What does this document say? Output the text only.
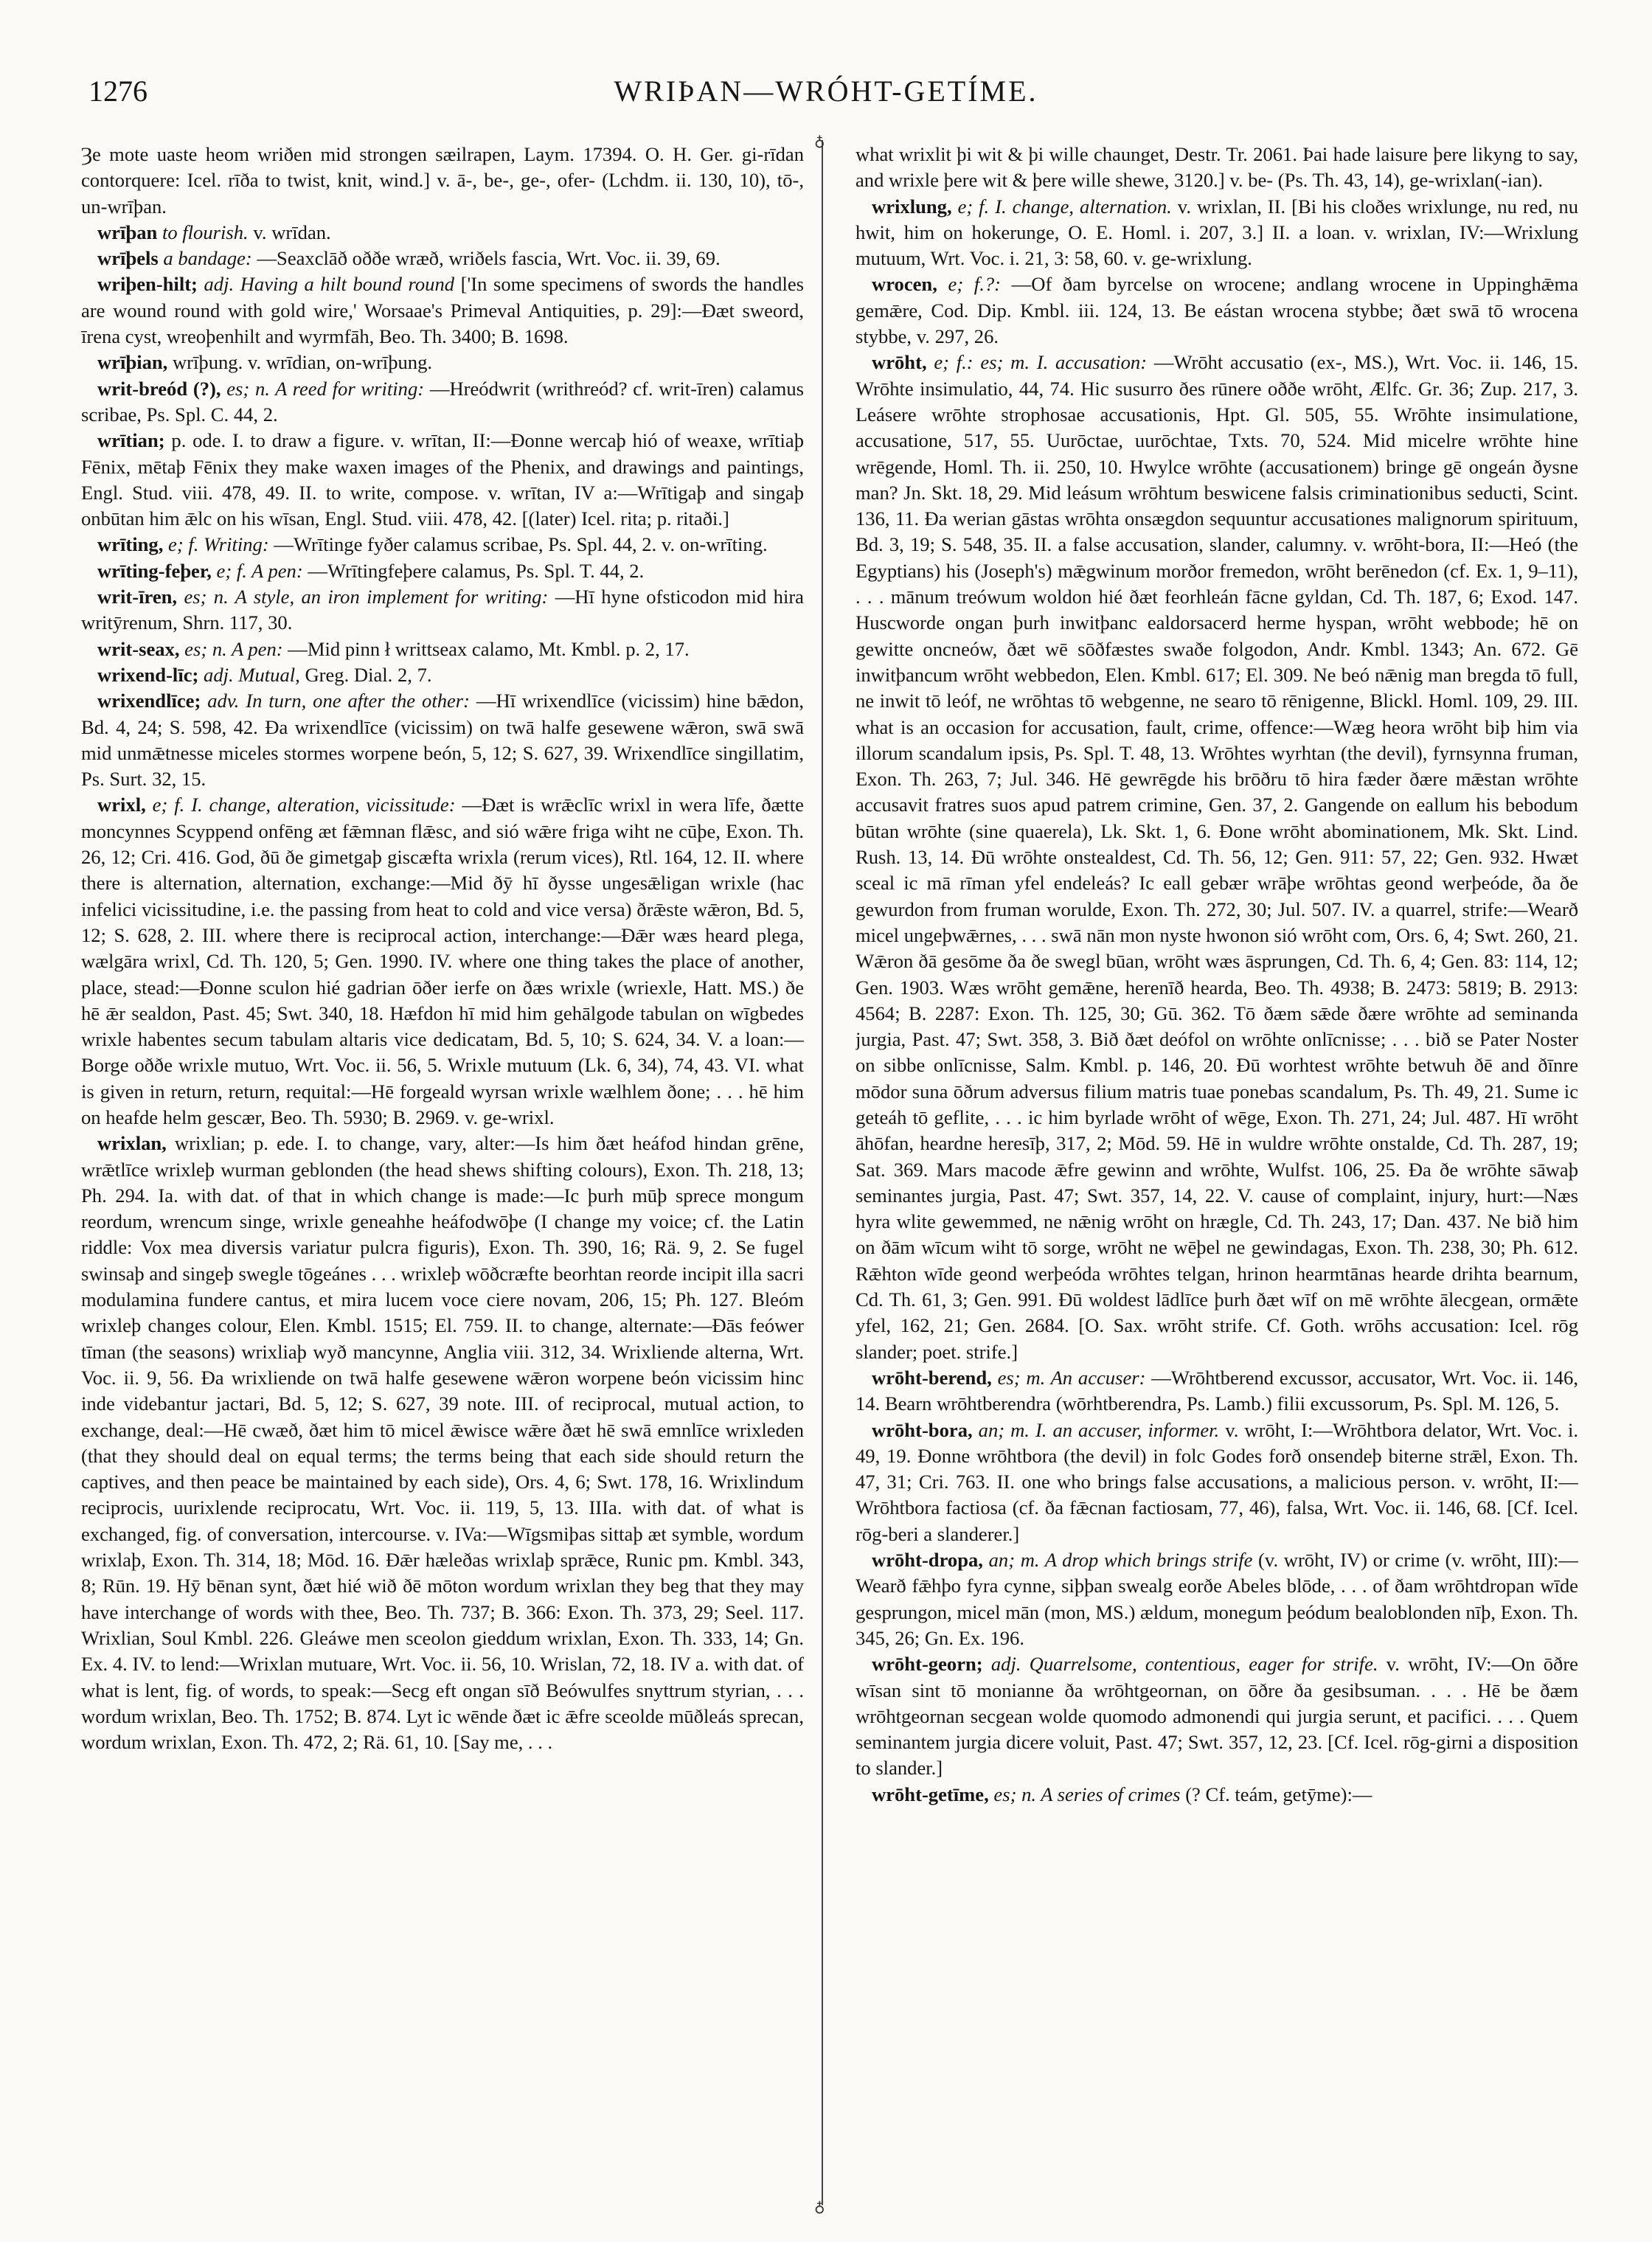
1276	WRIÞAN—WRÓHT-GETÍME.

Ȝe mote uaste heom wriðen mid strongen sæilrapen, Laym. 17394. O. H. Ger. gi-rīdan contorquere: Icel. rīða to twist, knit, wind.] v. ā-, be-, ge-, ofer- (Lchdm. ii. 130, 10), tō-, un-wrīþan.

wrīþan to flourish. v. wrīdan.

wrīþels a bandage: —Seaxclāð oððe wræð, wriðels fascia, Wrt. Voc. ii. 39, 69.

wriþen-hilt; adj. Having a hilt bound round ['In some specimens of swords the handles are wound round with gold wire,' Worsaae's Primeval Antiquities, p. 29]:—Ðæt sweord, īrena cyst, wreoþenhilt and wyrmfāh, Beo. Th. 3400; B. 1698.

wrīþian, wrīþung. v. wrīdian, on-wrīþung.

writ-breód (?), es; n. A reed for writing: —Hreódwrit (writhreód? cf. writ-īren) calamus scribae, Ps. Spl. C. 44, 2.

wrītian; p. ode. I. to draw a figure. v. wrītan, II:—Ðonne wercaþ hió of weaxe, wrītiaþ Fēnix, mētaþ Fēnix they make waxen images of the Phenix, and drawings and paintings, Engl. Stud. viii. 478, 49. II. to write, compose. v. wrītan, IV a:—Wrītigaþ and singaþ onbūtan him ǣlc on his wīsan, Engl. Stud. viii. 478, 42. [(later) Icel. rita; p. ritaði.]

wrīting, e; f. Writing: —Wrītinge fyðer calamus scribae, Ps. Spl. 44, 2. v. on-wrīting.

wrīting-feþer, e; f. A pen: —Wrītingfeþere calamus, Ps. Spl. T. 44, 2.

writ-īren, es; n. A style, an iron implement for writing: —Hī hyne ofsticodon mid hira writȳrenum, Shrn. 117, 30.

writ-seax, es; n. A pen: —Mid pinn ł writtseax calamo, Mt. Kmbl. p. 2, 17.

wrixend-līc; adj. Mutual, Greg. Dial. 2, 7.

wrixendlīce; adv. In turn, one after the other: —Hī wrixendlīce (vicissim) hine bǣdon, Bd. 4, 24; S. 598, 42. Ða wrixendlīce (vicissim) on twā halfe gesewene wǣron, swā swā mid unmǣtnesse miceles stormes worpene beón, 5, 12; S. 627, 39. Wrixendlīce singillatim, Ps. Surt. 32, 15.

wrixl, e; f. I. change, alteration, vicissitude: —Ðæt is wrǣclīc wrixl in wera līfe, ðætte moncynnes Scyppend onfēng æt fǣmnan flǣsc, and sió wǣre friga wiht ne cūþe, Exon. Th. 26, 12; Cri. 416. God, ðū ðe gimetgaþ giscæfta wrixla (rerum vices), Rtl. 164, 12. II. where there is alternation, alternation, exchange:—Mid ðȳ hī ðysse ungesǣligan wrixle (hac infelici vicissitudine, i.e. the passing from heat to cold and vice versa) ðrǣste wǣron, Bd. 5, 12; S. 628, 2. III. where there is reciprocal action, interchange:—Ðǣr wæs heard plega, wælgāra wrixl, Cd. Th. 120, 5; Gen. 1990. IV. where one thing takes the place of another, place, stead:—Ðonne sculon hié gadrian ōðer ierfe on ðæs wrixle (wriexle, Hatt. MS.) ðe hē ǣr sealdon, Past. 45; Swt. 340, 18. Hæfdon hī mid him gehālgode tabulan on wīgbedes wrixle habentes secum tabulam altaris vice dedicatam, Bd. 5, 10; S. 624, 34. V. a loan:—Borge oððe wrixle mutuo, Wrt. Voc. ii. 56, 5. Wrixle mutuum (Lk. 6, 34), 74, 43. VI. what is given in return, return, requital:—Hē forgeald wyrsan wrixle wælhlem ðone; . . . hē him on heafde helm gescær, Beo. Th. 5930; B. 2969. v. ge-wrixl.

wrixlan, wrixlian; p. ede. I. to change, vary, alter:—Is him ðæt heáfod hindan grēne, wrǣtlīce wrixleþ wurman geblonden (the head shews shifting colours), Exon. Th. 218, 13; Ph. 294. Ia. with dat. of that in which change is made:—Ic þurh mūþ sprece mongum reordum, wrencum singe, wrixle geneahhe heáfodwōþe (I change my voice; cf. the Latin riddle: Vox mea diversis variatur pulcra figuris), Exon. Th. 390, 16; Rä. 9, 2. Se fugel swinsaþ and singeþ swegle tōgeánes . . . wrixleþ wōðcræfte beorhtan reorde incipit illa sacri modulamina fundere cantus, et mira lucem voce ciere novam, 206, 15; Ph. 127. Bleóm wrixleþ changes colour, Elen. Kmbl. 1515; El. 759. II. to change, alternate:—Ðās feówer tīman (the seasons) wrixliaþ wyð mancynne, Anglia viii. 312, 34. Wrixliende alterna, Wrt. Voc. ii. 9, 56. Ða wrixliende on twā halfe gesewene wǣron worpene beón vicissim hinc inde videbantur jactari, Bd. 5, 12; S. 627, 39 note. III. of reciprocal, mutual action, to exchange, deal:—Hē cwæð, ðæt him tō micel ǣwisce wǣre ðæt hē swā emnlīce wrixleden (that they should deal on equal terms; the terms being that each side should return the captives, and then peace be maintained by each side), Ors. 4, 6; Swt. 178, 16. Wrixlindum reciprocis, uurixlende reciprocatu, Wrt. Voc. ii. 119, 5, 13. IIIa. with dat. of what is exchanged, fig. of conversation, intercourse. v. IVa:—Wīgsmiþas sittaþ æt symble, wordum wrixlaþ, Exon. Th. 314, 18; Mōd. 16. Ðǣr hæleðas wrixlaþ sprǣce, Runic pm. Kmbl. 343, 8; Rūn. 19. Hȳ bēnan synt, ðæt hié wið ðē mōton wordum wrixlan they beg that they may have interchange of words with thee, Beo. Th. 737; B. 366: Exon. Th. 373, 29; Seel. 117. Wrixlian, Soul Kmbl. 226. Gleáwe men sceolon gieddum wrixlan, Exon. Th. 333, 14; Gn. Ex. 4. IV. to lend:—Wrixlan mutuare, Wrt. Voc. ii. 56, 10. Wrislan, 72, 18. IV a. with dat. of what is lent, fig. of words, to speak:—Secg eft ongan sīð Beówulfes snyttrum styrian, . . . wordum wrixlan, Beo. Th. 1752; B. 874. Lyt ic wēnde ðæt ic ǣfre sceolde mūðleás sprecan, wordum wrixlan, Exon. Th. 472, 2; Rä. 61, 10. [Say me, . . .

♁
♁

what wrixlit þi wit & þi wille chaunget, Destr. Tr. 2061. Þai hade laisure þere likyng to say, and wrixle þere wit & þere wille shewe, 3120.] v. be- (Ps. Th. 43, 14), ge-wrixlan(-ian).

wrixlung, e; f. I. change, alternation. v. wrixlan, II. [Bi his cloðes wrixlunge, nu red, nu hwit, him on hokerunge, O. E. Homl. i. 207, 3.] II. a loan. v. wrixlan, IV:—Wrixlung mutuum, Wrt. Voc. i. 21, 3: 58, 60. v. ge-wrixlung.

wrocen, e; f.?: —Of ðam byrcelse on wrocene; andlang wrocene in Uppinghǣma gemǣre, Cod. Dip. Kmbl. iii. 124, 13. Be eástan wrocena stybbe; ðæt swā tō wrocena stybbe, v. 297, 26.

wrōht, e; f.: es; m. I. accusation: —Wrōht accusatio (ex-, MS.), Wrt. Voc. ii. 146, 15. Wrōhte insimulatio, 44, 74. Hic susurro ðes rūnere oððe wrōht, Ælfc. Gr. 36; Zup. 217, 3. Leásere wrōhte strophosae accusationis, Hpt. Gl. 505, 55. Wrōhte insimulatione, accusatione, 517, 55. Uurōctae, uurōchtae, Txts. 70, 524. Mid micelre wrōhte hine wrēgende, Homl. Th. ii. 250, 10. Hwylce wrōhte (accusationem) bringe gē ongeán ðysne man? Jn. Skt. 18, 29. Mid leásum wrōhtum beswicene falsis criminationibus seducti, Scint. 136, 11. Ða werian gāstas wrōhta onsægdon sequuntur accusationes malignorum spirituum, Bd. 3, 19; S. 548, 35. II. a false accusation, slander, calumny. v. wrōht-bora, II:—Heó (the Egyptians) his (Joseph's) mǣgwinum morðor fremedon, wrōht berēnedon (cf. Ex. 1, 9–11), . . . mānum treówum woldon hié ðæt feorhleán fācne gyldan, Cd. Th. 187, 6; Exod. 147. Huscworde ongan þurh inwitþanc ealdorsacerd herme hyspan, wrōht webbode; hē on gewitte oncneów, ðæt wē sōðfæstes swaðe folgodon, Andr. Kmbl. 1343; An. 672. Gē inwitþancum wrōht webbedon, Elen. Kmbl. 617; El. 309. Ne beó nǣnig man bregda tō full, ne inwit tō leóf, ne wrōhtas tō webgenne, ne searo tō rēnigenne, Blickl. Homl. 109, 29. III. what is an occasion for accusation, fault, crime, offence:—Wæg heora wrōht biþ him via illorum scandalum ipsis, Ps. Spl. T. 48, 13. Wrōhtes wyrhtan (the devil), fyrnsynna fruman, Exon. Th. 263, 7; Jul. 346. Hē gewrēgde his brōðru tō hira fæder ðære mǣstan wrōhte accusavit fratres suos apud patrem crimine, Gen. 37, 2. Gangende on eallum his bebodum būtan wrōhte (sine quaerela), Lk. Skt. 1, 6. Ðone wrōht abominationem, Mk. Skt. Lind. Rush. 13, 14. Ðū wrōhte onstealdest, Cd. Th. 56, 12; Gen. 911: 57, 22; Gen. 932. Hwæt sceal ic mā rīman yfel endeleás? Ic eall gebær wrāþe wrōhtas geond werþeóde, ða ðe gewurdon from fruman worulde, Exon. Th. 272, 30; Jul. 507. IV. a quarrel, strife:—Wearð micel ungeþwǣrnes, . . . swā nān mon nyste hwonon sió wrōht com, Ors. 6, 4; Swt. 260, 21. Wǣron ðā gesōme ða ðe swegl būan, wrōht wæs āsprungen, Cd. Th. 6, 4; Gen. 83: 114, 12; Gen. 1903. Wæs wrōht gemǣne, herenīð hearda, Beo. Th. 4938; B. 2473: 5819; B. 2913: 4564; B. 2287: Exon. Th. 125, 30; Gū. 362. Tō ðæm sǣde ðære wrōhte ad seminanda jurgia, Past. 47; Swt. 358, 3. Bið ðæt deófol on wrōhte onlīcnisse; . . . bið se Pater Noster on sibbe onlīcnisse, Salm. Kmbl. p. 146, 20. Ðū worhtest wrōhte betwuh ðē and ðīnre mōdor suna ōðrum adversus filium matris tuae ponebas scandalum, Ps. Th. 49, 21. Sume ic geteáh tō geflite, . . . ic him byrlade wrōht of wēge, Exon. Th. 271, 24; Jul. 487. Hī wrōht āhōfan, heardne heresīþ, 317, 2; Mōd. 59. Hē in wuldre wrōhte onstalde, Cd. Th. 287, 19; Sat. 369. Mars macode ǣfre gewinn and wrōhte, Wulfst. 106, 25. Ða ðe wrōhte sāwaþ seminantes jurgia, Past. 47; Swt. 357, 14, 22. V. cause of complaint, injury, hurt:—Næs hyra wlite gewemmed, ne nǣnig wrōht on hrægle, Cd. Th. 243, 17; Dan. 437. Ne bið him on ðām wīcum wiht tō sorge, wrōht ne wēþel ne gewindagas, Exon. Th. 238, 30; Ph. 612. Rǣhton wīde geond werþeóda wrōhtes telgan, hrinon hearmtānas hearde drihta bearnum, Cd. Th. 61, 3; Gen. 991. Ðū woldest lādlīce þurh ðæt wīf on mē wrōhte ālecgean, ormǣte yfel, 162, 21; Gen. 2684. [O. Sax. wrōht strife. Cf. Goth. wrōhs accusation: Icel. rōg slander; poet. strife.]

wrōht-berend, es; m. An accuser: —Wrōhtberend excussor, accusator, Wrt. Voc. ii. 146, 14. Bearn wrōhtberendra (wōrhtberendra, Ps. Lamb.) filii excussorum, Ps. Spl. M. 126, 5.

wrōht-bora, an; m. I. an accuser, informer. v. wrōht, I:—Wrōhtbora delator, Wrt. Voc. i. 49, 19. Ðonne wrōhtbora (the devil) in folc Godes forð onsendeþ biterne strǣl, Exon. Th. 47, 31; Cri. 763. II. one who brings false accusations, a malicious person. v. wrōht, II:—Wrōhtbora factiosa (cf. ða fǣcnan factiosam, 77, 46), falsa, Wrt. Voc. ii. 146, 68. [Cf. Icel. rōg-beri a slanderer.]

wrōht-dropa, an; m. A drop which brings strife (v. wrōht, IV) or crime (v. wrōht, III):—Wearð fǣhþo fyra cynne, siþþan swealg eorðe Abeles blōde, . . . of ðam wrōhtdropan wīde gesprungon, micel mān (mon, MS.) ældum, monegum þeódum bealoblonden nīþ, Exon. Th. 345, 26; Gn. Ex. 196.

wrōht-georn; adj. Quarrelsome, contentious, eager for strife. v. wrōht, IV:—On ōðre wīsan sint tō monianne ða wrōhtgeornan, on ōðre ða gesibsuman. . . . Hē be ðæm wrōhtgeornan secgean wolde quomodo admonendi qui jurgia serunt, et pacifici. . . . Quem seminantem jurgia dicere voluit, Past. 47; Swt. 357, 12, 23. [Cf. Icel. rōg-girni a disposition to slander.]

wrōht-getīme, es; n. A series of crimes (? Cf. teám, getȳme):—
